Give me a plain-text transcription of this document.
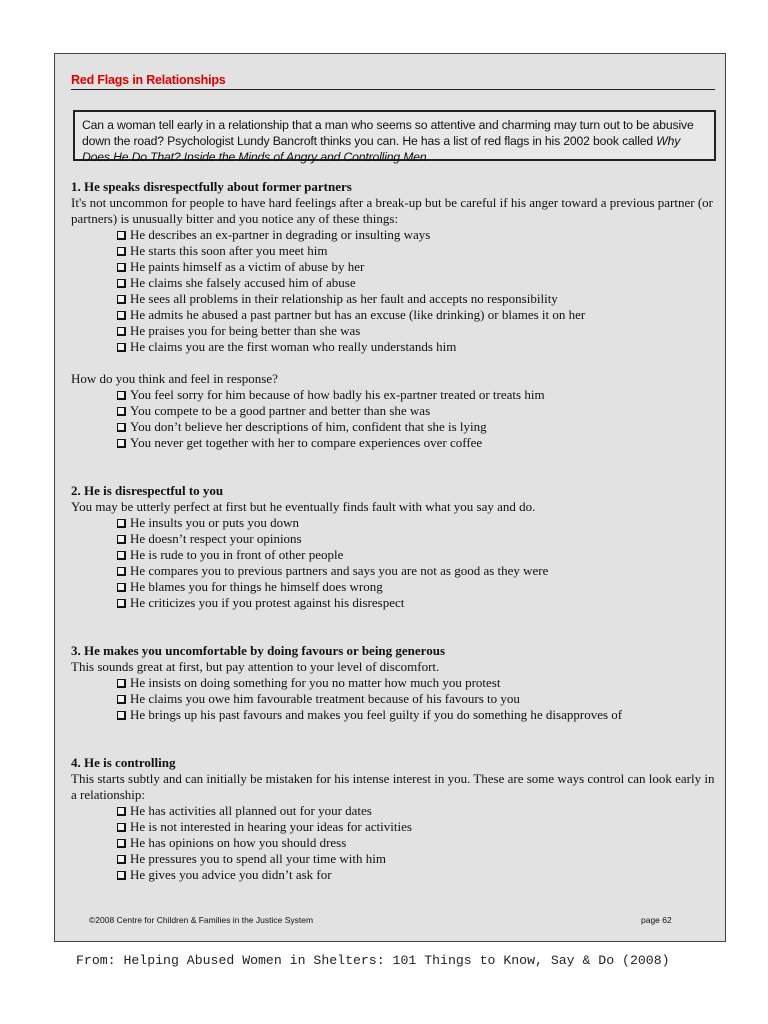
Red Flags in Relationships
Can a woman tell early in a relationship that a man who seems so attentive and charming may turn out to be abusive down the road? Psychologist Lundy Bancroft thinks you can. He has a list of red flags in his 2002 book called Why Does He Do That? Inside the Minds of Angry and Controlling Men.
1. He speaks disrespectfully about former partners
It's not uncommon for people to have hard feelings after a break-up but be careful if his anger toward a previous partner (or partners) is unusually bitter and you notice any of these things:
He describes an ex-partner in degrading or insulting ways
He starts this soon after you meet him
He paints himself as a victim of abuse by her
He claims she falsely accused him of abuse
He sees all problems in their relationship as her fault and accepts no responsibility
He admits he abused a past partner but has an excuse (like drinking) or blames it on her
He praises you for being better than she was
He claims you are the first woman who really understands him
How do you think and feel in response?
You feel sorry for him because of how badly his ex-partner treated or treats him
You compete to be a good partner and better than she was
You don’t believe her descriptions of him, confident that she is lying
You never get together with her to compare experiences over coffee
2. He is disrespectful to you
You may be utterly perfect at first but he eventually finds fault with what you say and do.
He insults you or puts you down
He doesn’t respect your opinions
He is rude to you in front of other people
He compares you to previous partners and says you are not as good as they were
He blames you for things he himself does wrong
He criticizes you if you protest against his disrespect
3. He makes you uncomfortable by doing favours or being generous
This sounds great at first, but pay attention to your level of discomfort.
He insists on doing something for you no matter how much you protest
He claims you owe him favourable treatment because of his favours to you
He brings up his past favours and makes you feel guilty if you do something he disapproves of
4. He is controlling
This starts subtly and can initially be mistaken for his intense interest in you. These are some ways control can look early in a relationship:
He has activities all planned out for your dates
He is not interested in hearing your ideas for activities
He has opinions on how you should dress
He pressures you to spend all your time with him
He gives you advice you didn’t ask for
©2008 Centre for Children & Families in the Justice System	page 62
From: Helping Abused Women in Shelters: 101 Things to Know, Say & Do (2008)
